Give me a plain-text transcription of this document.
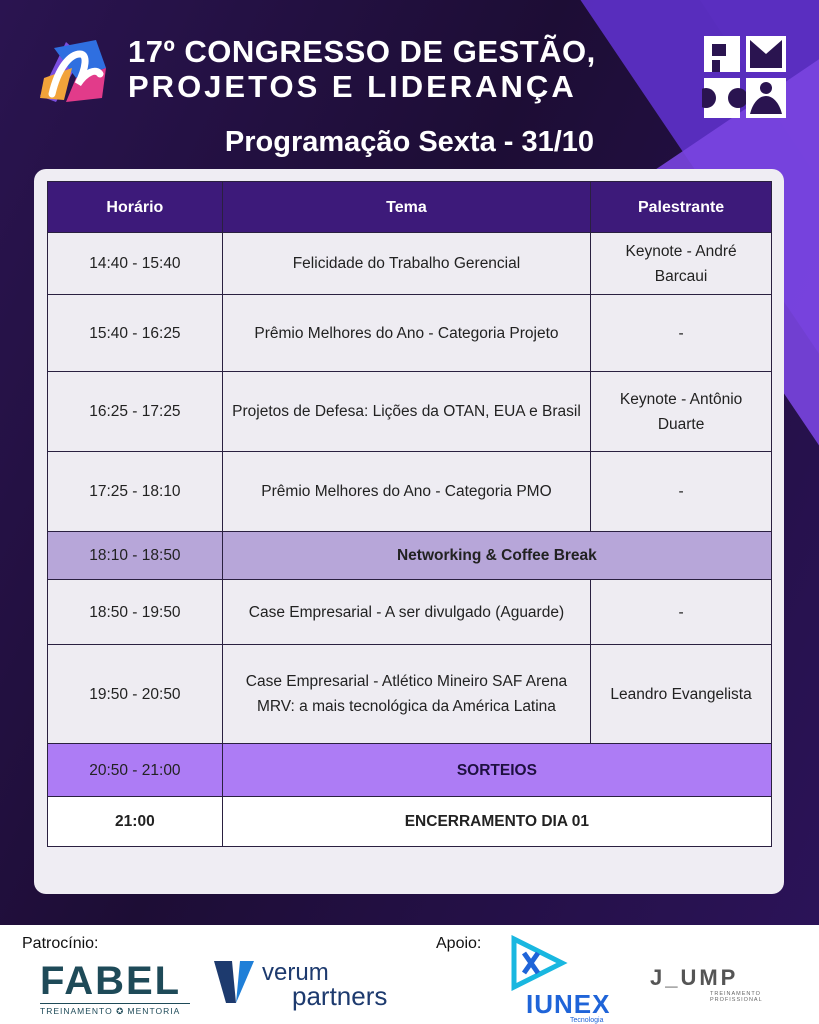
17º CONGRESSO DE GESTÃO,
PROJETOS E LIDERANÇA
Programação Sexta - 31/10
Horário	Tema	Palestrante
14:40 - 15:40	Felicidade do Trabalho Gerencial	Keynote - André Barcaui
15:40 - 16:25	Prêmio Melhores do Ano - Categoria Projeto	-
16:25 - 17:25	Projetos de Defesa: Lições da OTAN, EUA e Brasil	Keynote - Antônio Duarte
17:25 - 18:10	Prêmio Melhores do Ano - Categoria PMO	-
18:10 - 18:50	Networking & Coffee Break	
18:50 - 19:50	Case Empresarial - A ser divulgado (Aguarde)	-
19:50 - 20:50	Case Empresarial - Atlético Mineiro SAF Arena MRV: a mais tecnológica da América Latina	Leandro Evangelista
20:50 - 21:00	SORTEIOS	
21:00	ENCERRAMENTO DIA 01	
Patrocínio:	Apoio:
FABEL
TREINAMENTO ✪ MENTORIA
verum
partners	IUNEX
Tecnologia
J_UMP
TREINAMENTO PROFISSIONAL
